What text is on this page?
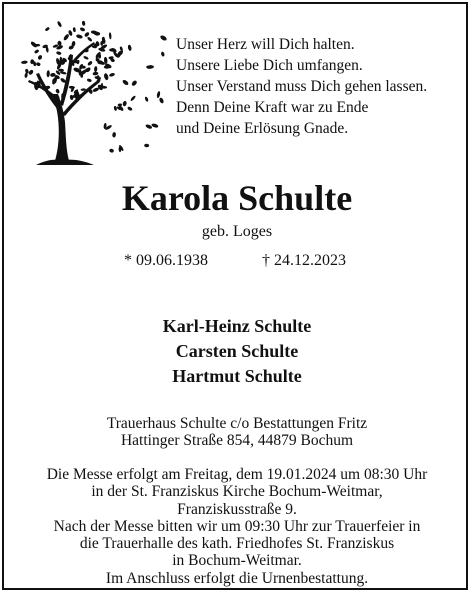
Unser Herz will Dich halten.
Unsere Liebe Dich umfangen.
Unser Verstand muss Dich gehen lassen.
Denn Deine Kraft war zu Ende
und Deine Erlösung Gnade.
Karola Schulte
geb. Loges
* 09.06.1938	† 24.12.2023
Karl-Heinz Schulte
Carsten Schulte
Hartmut Schulte
Trauerhaus Schulte c/o Bestattungen Fritz
Hattinger Straße 854, 44879 Bochum
Die Messe erfolgt am Freitag, dem 19.01.2024 um 08:30 Uhr
in der St. Franziskus Kirche Bochum-Weitmar,
Franziskusstraße 9.
Nach der Messe bitten wir um 09:30 Uhr zur Trauerfeier in
die Trauerhalle des kath. Friedhofes St. Franziskus
in Bochum-Weitmar.
Im Anschluss erfolgt die Urnenbestattung.
